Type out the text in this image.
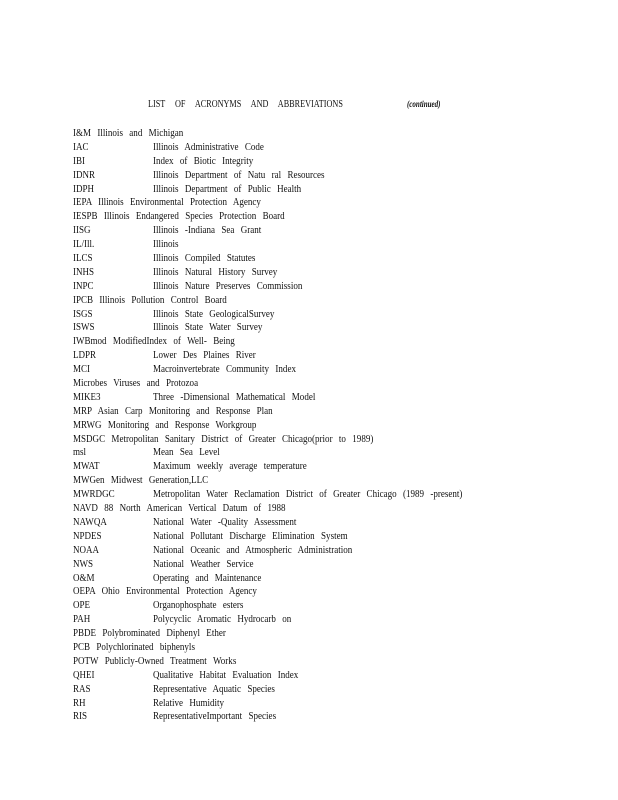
LIST OF ACRONYMS AND ABBREVIATIONS	(continued)
I&M Illinois and Michigan
IAC	Illinois Administrative Code
IBI	Index of Biotic Integrity
IDNR	Illinois Department of Natu ral Resources
IDPH	Illinois Department of Public Health
IEPA Illinois Environmental Protection Agency
IESPB Illinois Endangered Species Protection Board
IISG	Illinois -Indiana Sea Grant
IL/Ill.	Illinois
ILCS	Illinois Compiled Statutes
INHS	Illinois Natural History Survey
INPC	Illinois Nature Preserves Commission
IPCB Illinois Pollution Control Board
ISGS	Illinois State GeologicalSurvey
ISWS	Illinois State Water Survey
IWBmod ModifiedIndex of Well- Being
LDPR	Lower Des Plaines River
MCI	Macroinvertebrate Community Index
Microbes Viruses and Protozoa
MIKE3	Three -Dimensional Mathematical Model
MRP Asian Carp Monitoring and Response Plan
MRWG Monitoring and Response Workgroup
MSDGC Metropolitan Sanitary District of Greater Chicago(prior to 1989)
msl	Mean Sea Level
MWAT	Maximum weekly average temperature
MWGen Midwest Generation,LLC
MWRDGC	Metropolitan Water Reclamation District of Greater Chicago (1989 -present)
NAVD 88 North American Vertical Datum of 1988
NAWQA	National Water -Quality Assessment
NPDES	National Pollutant Discharge Elimination System
NOAA	National Oceanic and Atmospheric Administration
NWS	National Weather Service
O&M	Operating and Maintenance
OEPA Ohio Environmental Protection Agency
OPE	Organophosphate esters
PAH	Polycyclic Aromatic Hydrocarb on
PBDE Polybrominated Diphenyl Ether
PCB Polychlorinated biphenyls
POTW Publicly-Owned Treatment Works
QHEI	Qualitative Habitat Evaluation Index
RAS	Representative Aquatic Species
RH	Relative Humidity
RIS	RepresentativeImportant Species
